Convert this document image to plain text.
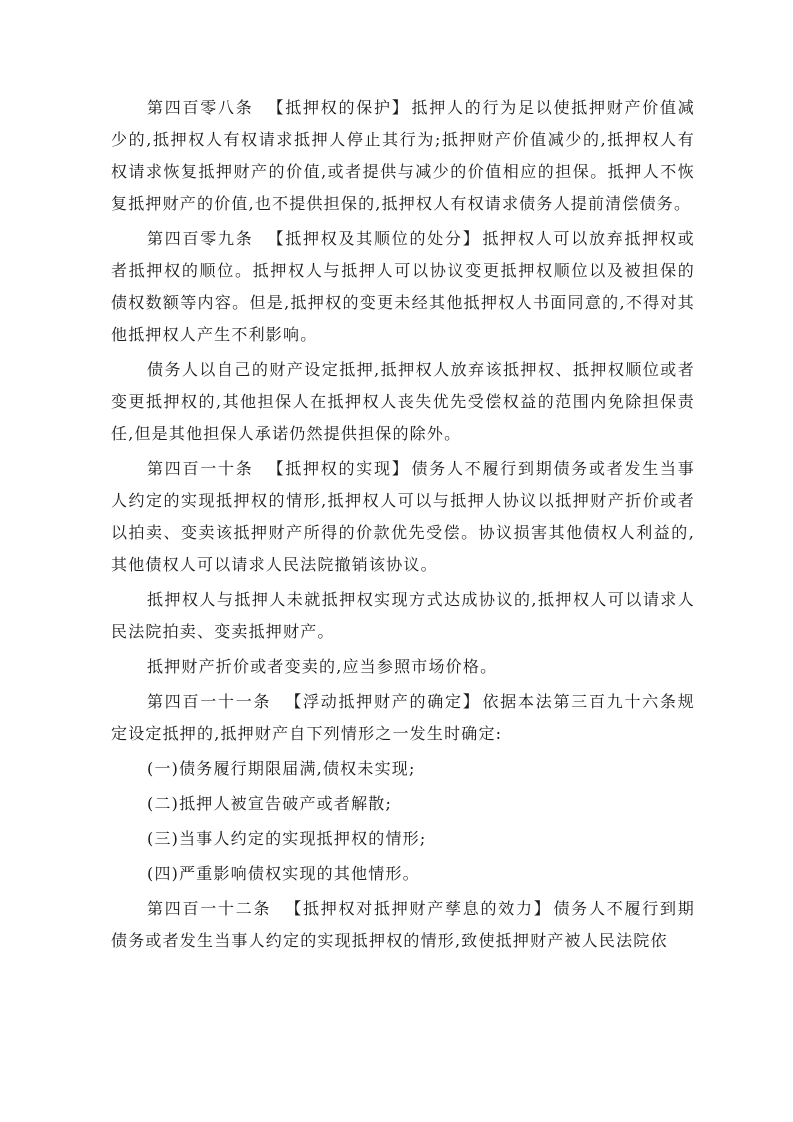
第四百零八条 【抵押权的保护】 抵押人的行为足以使抵押财产价值减少的,抵押权人有权请求抵押人停止其行为;抵押财产价值减少的,抵押权人有权请求恢复抵押财产的价值,或者提供与减少的价值相应的担保。抵押人不恢复抵押财产的价值,也不提供担保的,抵押权人有权请求债务人提前清偿债务。

第四百零九条 【抵押权及其顺位的处分】 抵押权人可以放弃抵押权或者抵押权的顺位。抵押权人与抵押人可以协议变更抵押权顺位以及被担保的债权数额等内容。但是,抵押权的变更未经其他抵押权人书面同意的,不得对其他抵押权人产生不利影响。

债务人以自己的财产设定抵押,抵押权人放弃该抵押权、抵押权顺位或者变更抵押权的,其他担保人在抵押权人丧失优先受偿权益的范围内免除担保责任,但是其他担保人承诺仍然提供担保的除外。

第四百一十条 【抵押权的实现】 债务人不履行到期债务或者发生当事人约定的实现抵押权的情形,抵押权人可以与抵押人协议以抵押财产折价或者以拍卖、变卖该抵押财产所得的价款优先受偿。协议损害其他债权人利益的,其他债权人可以请求人民法院撤销该协议。

抵押权人与抵押人未就抵押权实现方式达成协议的,抵押权人可以请求人民法院拍卖、变卖抵押财产。

抵押财产折价或者变卖的,应当参照市场价格。

第四百一十一条 【浮动抵押财产的确定】 依据本法第三百九十六条规定设定抵押的,抵押财产自下列情形之一发生时确定:

(一)债务履行期限届满,债权未实现;

(二)抵押人被宣告破产或者解散;

(三)当事人约定的实现抵押权的情形;

(四)严重影响债权实现的其他情形。

第四百一十二条 【抵押权对抵押财产孳息的效力】 债务人不履行到期债务或者发生当事人约定的实现抵押权的情形,致使抵押财产被人民法院依
